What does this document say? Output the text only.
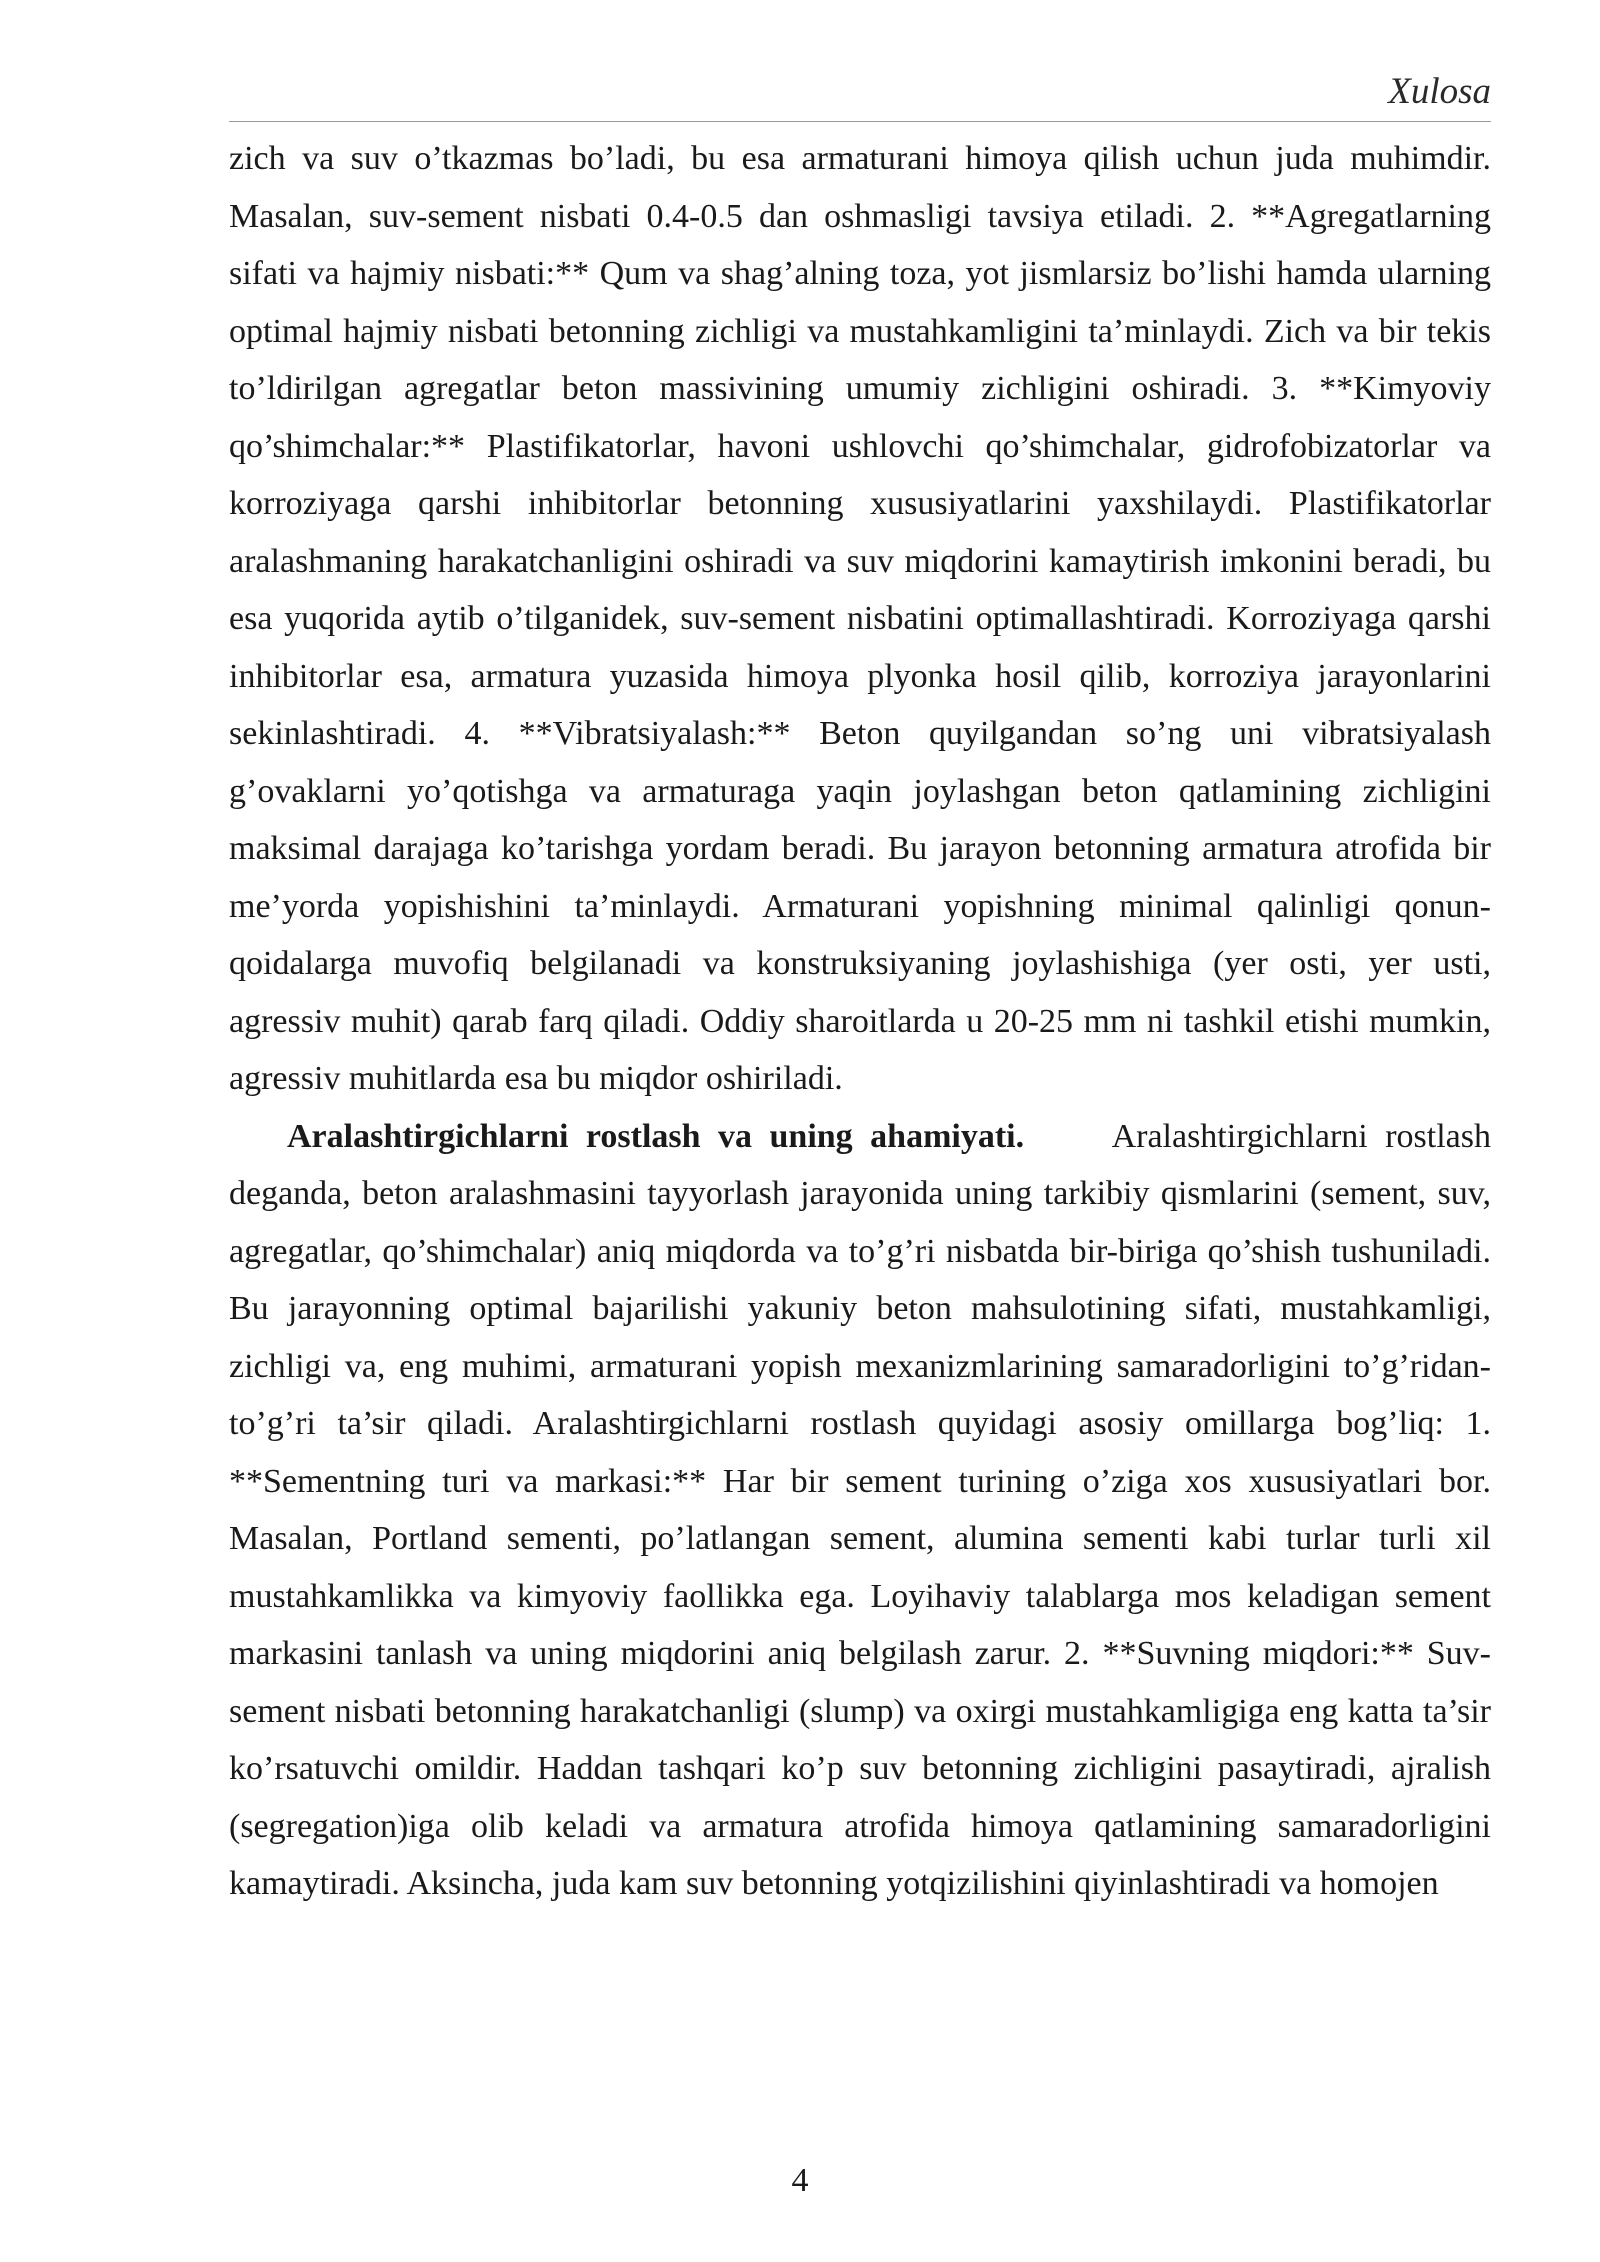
Xulosa

zich va suv o’tkazmas bo’ladi, bu esa armaturani himoya qilish uchun juda muhimdir. Masalan, suv-sement nisbati 0.4-0.5 dan oshmasligi tavsiya etiladi. 2. **Agregatlarning sifati va hajmiy nisbati:** Qum va shag’alning toza, yot jismlarsiz bo’lishi hamda ularning optimal hajmiy nisbati betonning zichligi va mustahkamligini ta’minlaydi. Zich va bir tekis to’ldirilgan agregatlar beton massivining umumiy zichligini oshiradi. 3. **Kimyoviy qo’shimchalar:** Plastifikatorlar, havoni ushlovchi qo’shimchalar, gidrofobizatorlar va korroziyaga qarshi inhibitorlar betonning xususiyatlarini yaxshilaydi. Plastifikatorlar aralashmaning harakatchanligini oshiradi va suv miqdorini kamaytirish imkonini beradi, bu esa yuqorida aytib o’tilganidek, suv-sement nisbatini optimallashtiradi. Korroziyaga qarshi inhibitorlar esa, armatura yuzasida himoya plyonka hosil qilib, korroziya jarayonlarini sekinlashtiradi. 4. **Vibratsiyalash:** Beton quyilgandan so’ng uni vibratsiyalash g’ovaklarni yo’qotishga va armaturaga yaqin joylashgan beton qatlamining zichligini maksimal darajaga ko’tarishga yordam beradi. Bu jarayon betonning armatura atrofida bir me’yorda yopishishini ta’minlaydi. Armaturani yopishning minimal qalinligi qonun-qoidalarga muvofiq belgilanadi va konstruksiyaning joylashishiga (yer osti, yer usti, agressiv muhit) qarab farq qiladi. Oddiy sharoitlarda u 20-25 mm ni tashkil etishi mumkin, agressiv muhitlarda esa bu miqdor oshiriladi.

Aralashtirgichlarni rostlash va uning ahamiyati.	Aralashtirgichlarni rostlash deganda, beton aralashmasini tayyorlash jarayonida uning tarkibiy qismlarini (sement, suv, agregatlar, qo’shimchalar) aniq miqdorda va to’g’ri nisbatda bir-biriga qo’shish tushuniladi. Bu jarayonning optimal bajarilishi yakuniy beton mahsulotining sifati, mustahkamligi, zichligi va, eng muhimi, armaturani yopish mexanizmlarining samaradorligini to’g’ridan-to’g’ri ta’sir qiladi. Aralashtirgichlarni rostlash quyidagi asosiy omillarga bog’liq: 1. **Sementning turi va markasi:** Har bir sement turining o’ziga xos xususiyatlari bor. Masalan, Portland sementi, po’latlangan sement, alumina sementi kabi turlar turli xil mustahkamlikka va kimyoviy faollikka ega. Loyihaviy talablarga mos keladigan sement markasini tanlash va uning miqdorini aniq belgilash zarur. 2. **Suvning miqdori:** Suv-sement nisbati betonning harakatchanligi (slump) va oxirgi mustahkamligiga eng katta ta’sir ko’rsatuvchi omildir. Haddan tashqari ko’p suv betonning zichligini pasaytiradi, ajralish (segregation)iga olib keladi va armatura atrofida himoya qatlamining samaradorligini kamaytiradi. Aksincha, juda kam suv betonning yotqizilishini qiyinlashtiradi va homojen

4
